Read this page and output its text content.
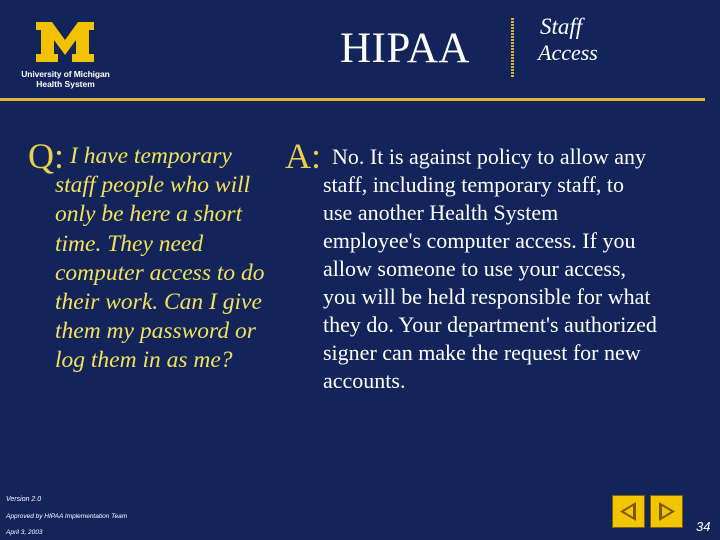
University of Michigan
Health System
HIPAA	Staff
Access
Q: I have temporary staff people who will only be here a short time. They need computer access to do their work. Can I give them my password or log them in as me?
A: No. It is against policy to allow any staff, including temporary staff, to use another Health System employee's computer access. If you allow someone to use your access, you will be held responsible for what they do. Your department's authorized signer can make the request for new accounts.
Version 2.0
Approved by HIPAA Implementation Team
April 3, 2003	34
